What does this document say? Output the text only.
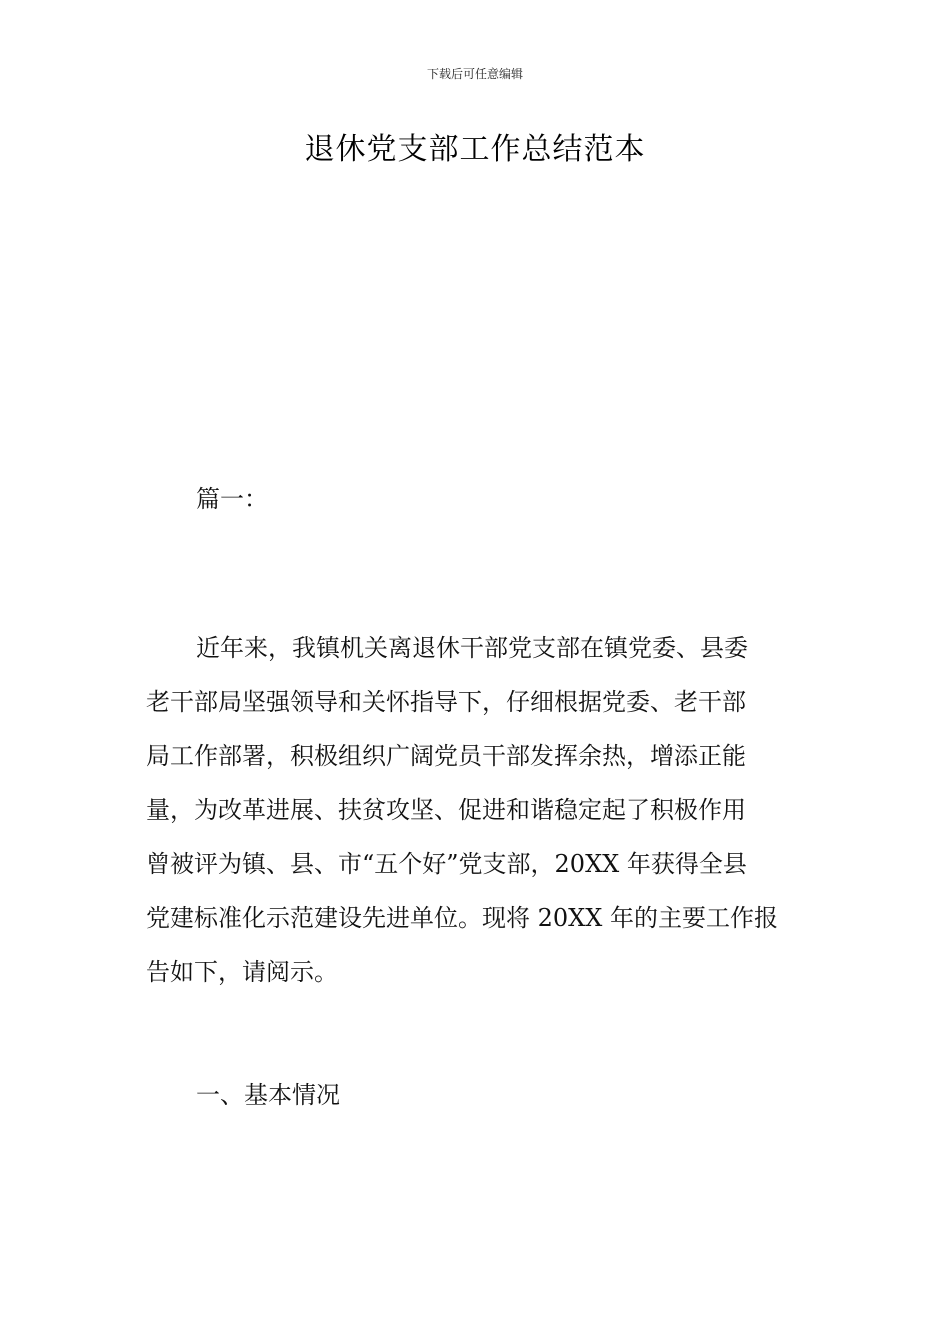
下载后可任意编辑
退休党支部工作总结范本
篇一：
近年来，我镇机关离退休干部党支部在镇党委、县委
老干部局坚强领导和关怀指导下，仔细根据党委、老干部
局工作部署，积极组织广阔党员干部发挥余热，增添正能
量，为改革进展、扶贫攻坚、促进和谐稳定起了积极作用
曾被评为镇、县、市“五个好”党支部，20XX 年获得全县
党建标准化示范建设先进单位。现将 20XX 年的主要工作报
告如下，请阅示。
一、基本情况
